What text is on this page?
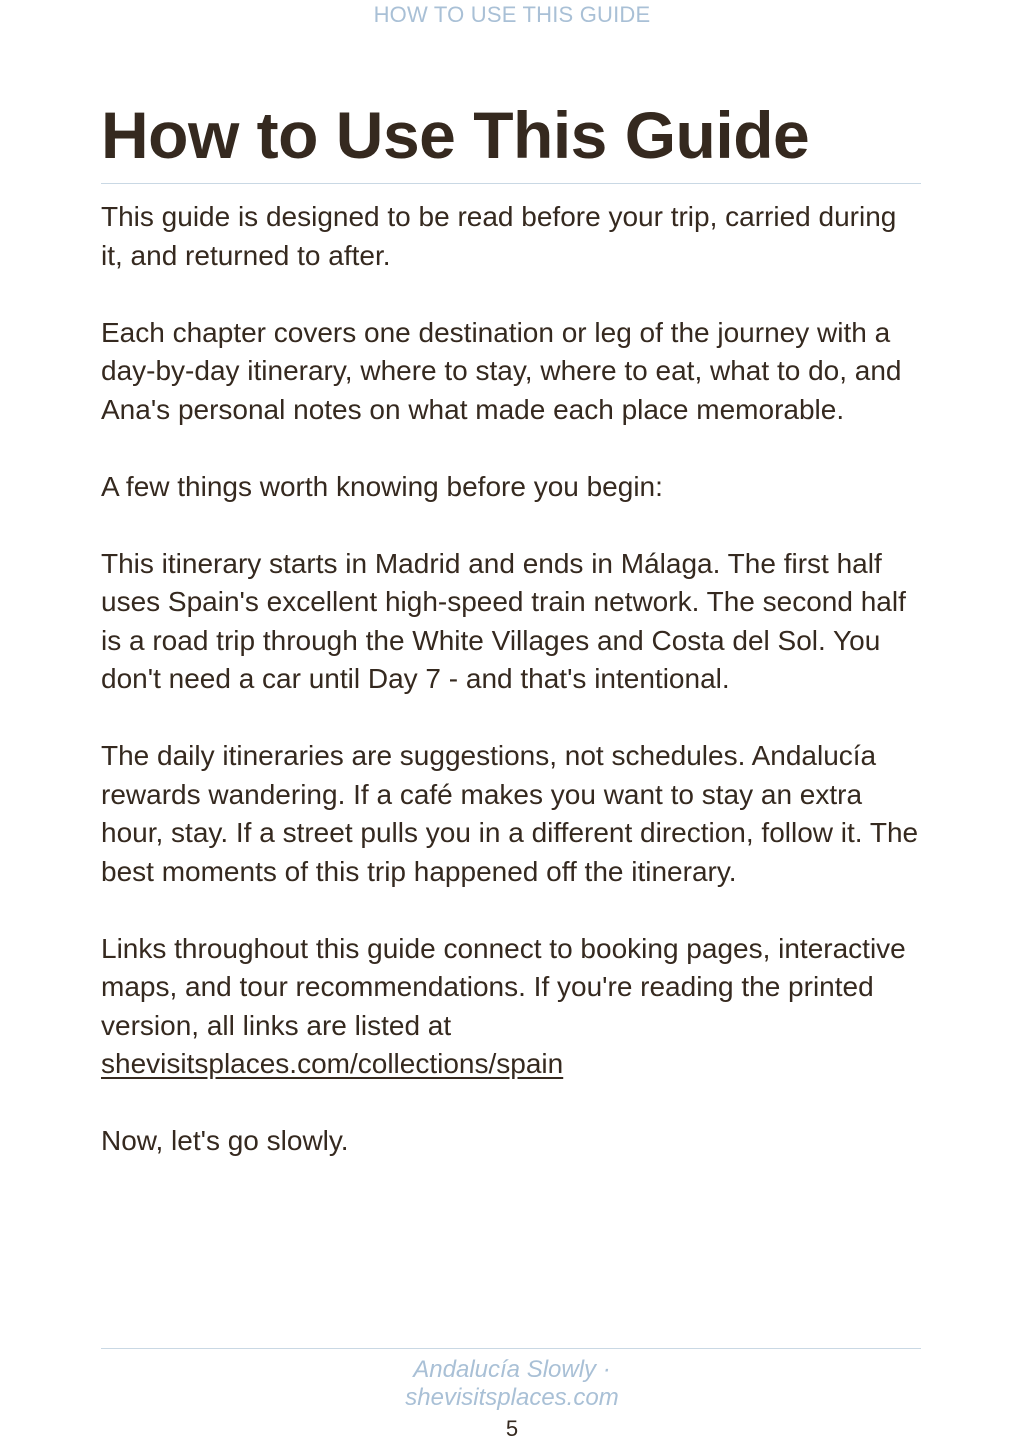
HOW TO USE THIS GUIDE
How to Use This Guide

This guide is designed to be read before your trip, carried during it, and returned to after.

Each chapter covers one destination or leg of the journey with a day-by-day itinerary, where to stay, where to eat, what to do, and Ana's personal notes on what made each place memorable.

A few things worth knowing before you begin:

This itinerary starts in Madrid and ends in Málaga. The first half uses Spain's excellent high-speed train network. The second half is a road trip through the White Villages and Costa del Sol. You don't need a car until Day 7 - and that's intentional.

The daily itineraries are suggestions, not schedules. Andalucía rewards wandering. If a café makes you want to stay an extra hour, stay. If a street pulls you in a different direction, follow it. The best moments of this trip happened off the itinerary.

Links throughout this guide connect to booking pages, interactive maps, and tour recommendations. If you're reading the printed version, all links are listed at shevisitsplaces.com/collections/spain

Now, let's go slowly.

Andalucía Slowly ·
shevisitsplaces.com
5
